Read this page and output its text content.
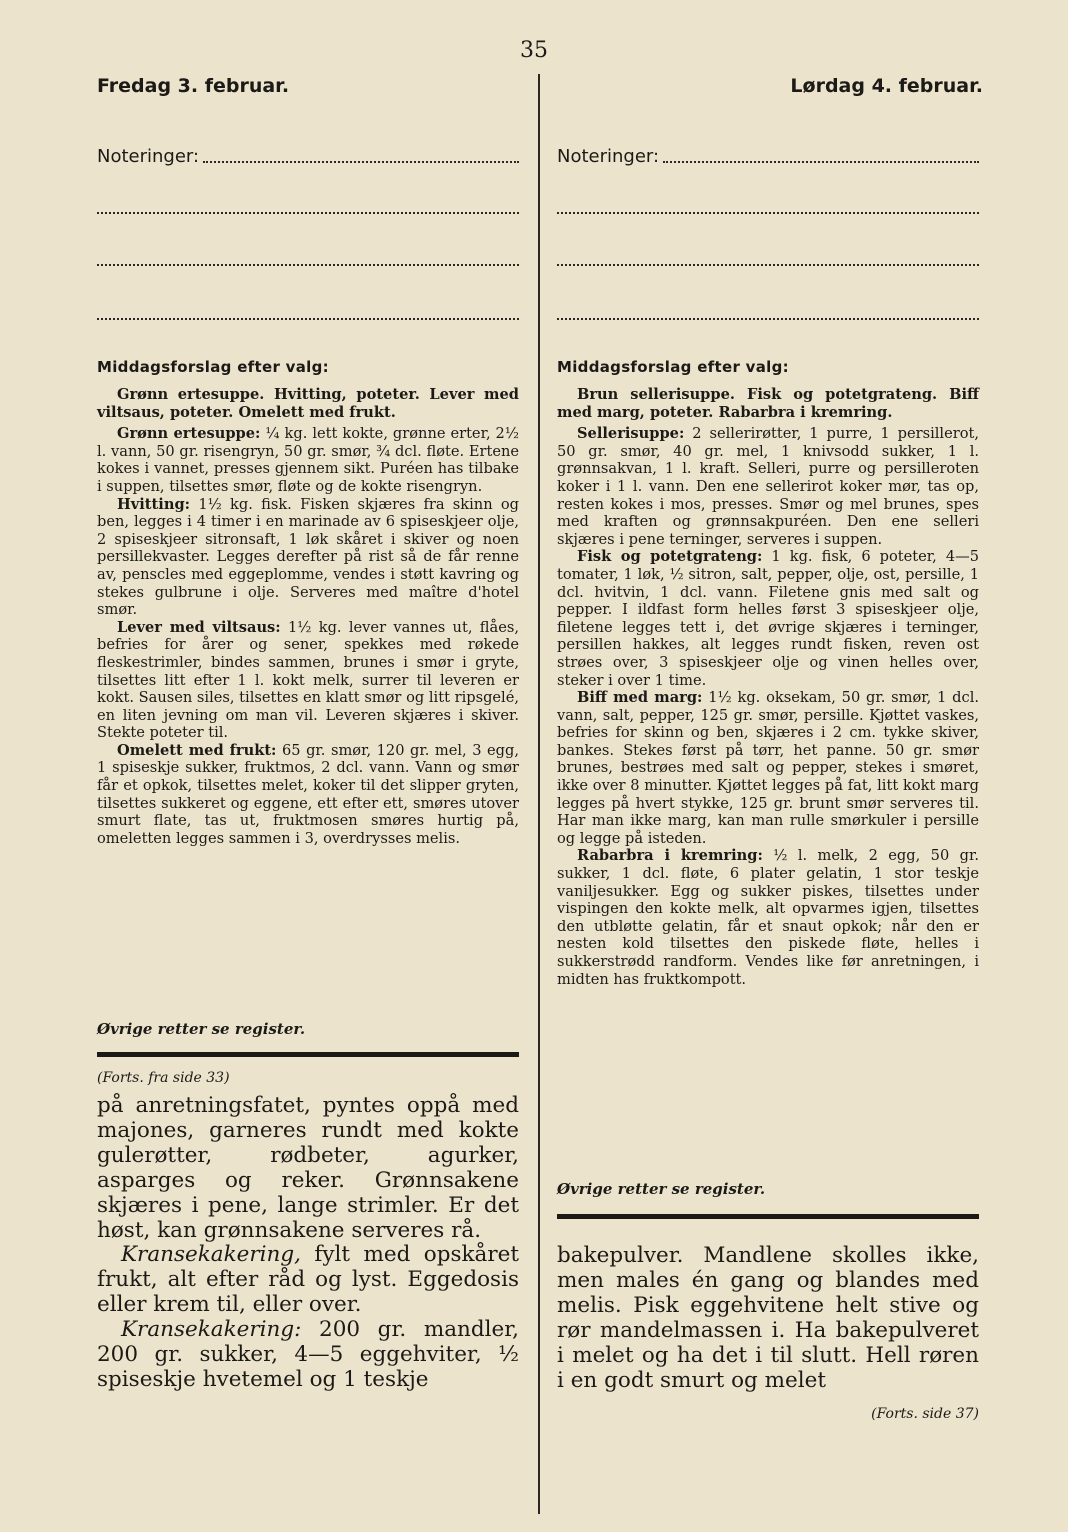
35
Fredag 3. februar.	Lørdag 4. februar.
Noteringer:
Middagsforslag efter valg:

Grønn ertesuppe. Hvitting, poteter. Lever med viltsaus, poteter. Omelett med frukt.

Grønn ertesuppe: ¼ kg. lett kokte, grønne erter, 2½ l. vann, 50 gr. risengryn, 50 gr. smør, ¾ dcl. fløte. Ertene kokes i vannet, presses gjennem sikt. Puréen has tilbake i suppen, tilsettes smør, fløte og de kokte risengryn.

Hvitting: 1½ kg. fisk. Fisken skjæres fra skinn og ben, legges i 4 timer i en marinade av 6 spiseskjeer olje, 2 spiseskjeer sitronsaft, 1 løk skåret i skiver og noen persillekvaster. Legges derefter på rist så de får renne av, penscles med eggeplomme, vendes i støtt kavring og stekes gulbrune i olje. Serveres med maître d'hotel smør.

Lever med viltsaus: 1½ kg. lever vannes ut, flåes, befries for årer og sener, spekkes med røkede fleskestrimler, bindes sammen, brunes i smør i gryte, tilsettes litt efter 1 l. kokt melk, surrer til leveren er kokt. Sausen siles, tilsettes en klatt smør og litt ripsgelé, en liten jevning om man vil. Leveren skjæres i skiver. Stekte poteter til.

Omelett med frukt: 65 gr. smør, 120 gr. mel, 3 egg, 1 spiseskje sukker, fruktmos, 2 dcl. vann. Vann og smør får et opkok, tilsettes melet, koker til det slipper gryten, tilsettes sukkeret og eggene, ett efter ett, smøres utover smurt flate, tas ut, fruktmosen smøres hurtig på, omeletten legges sammen i 3, overdrysses melis.

Øvrige retter se register.
(Forts. fra side 33)

på anretningsfatet, pyntes oppå med majones, garneres rundt med kokte gulerøtter, rødbeter, agurker, asparges og reker. Grønnsakene skjæres i pene, lange strimler. Er det høst, kan grønnsakene serveres rå.

Kransekakering, fylt med opskåret frukt, alt efter råd og lyst. Eggedosis eller krem til, eller over.

Kransekakering: 200 gr. mandler, 200 gr. sukker, 4—5 eggehviter, ½ spiseskje hvetemel og 1 teskje

Noteringer:
Middagsforslag efter valg:

Brun sellerisuppe. Fisk og potetgrateng. Biff med marg, poteter. Rabarbra i kremring.

Sellerisuppe: 2 sellerirøtter, 1 purre, 1 persillerot, 50 gr. smør, 40 gr. mel, 1 knivsodd sukker, 1 l. grønnsakvan, 1 l. kraft. Selleri, purre og persilleroten koker i 1 l. vann. Den ene sellerirot koker mør, tas op, resten kokes i mos, presses. Smør og mel brunes, spes med kraften og grønnsakpuréen. Den ene selleri skjæres i pene terninger, serveres i suppen.

Fisk og potetgrateng: 1 kg. fisk, 6 poteter, 4—5 tomater, 1 løk, ½ sitron, salt, pepper, olje, ost, persille, 1 dcl. hvitvin, 1 dcl. vann. Filetene gnis med salt og pepper. I ildfast form helles først 3 spiseskjeer olje, filetene legges tett i, det øvrige skjæres i terninger, persillen hakkes, alt legges rundt fisken, reven ost strøes over, 3 spiseskjeer olje og vinen helles over, steker i over 1 time.

Biff med marg: 1½ kg. oksekam, 50 gr. smør, 1 dcl. vann, salt, pepper, 125 gr. smør, persille. Kjøttet vaskes, befries for skinn og ben, skjæres i 2 cm. tykke skiver, bankes. Stekes først på tørr, het panne. 50 gr. smør brunes, bestrøes med salt og pepper, stekes i smøret, ikke over 8 minutter. Kjøttet legges på fat, litt kokt marg legges på hvert stykke, 125 gr. brunt smør serveres til. Har man ikke marg, kan man rulle smørkuler i persille og legge på isteden.

Rabarbra i kremring: ½ l. melk, 2 egg, 50 gr. sukker, 1 dcl. fløte, 6 plater gelatin, 1 stor teskje vaniljesukker. Egg og sukker piskes, tilsettes under vispingen den kokte melk, alt opvarmes igjen, tilsettes den utbløtte gelatin, får et snaut opkok; når den er nesten kold tilsettes den piskede fløte, helles i sukkerstrødd randform. Vendes like før anretningen, i midten has fruktkompott.

Øvrige retter se register.
bakepulver. Mandlene skolles ikke, men males én gang og blandes med melis. Pisk eggehvitene helt stive og rør mandelmassen i. Ha bakepulveret i melet og ha det i til slutt. Hell røren i en godt smurt og melet
(Forts. side 37)
